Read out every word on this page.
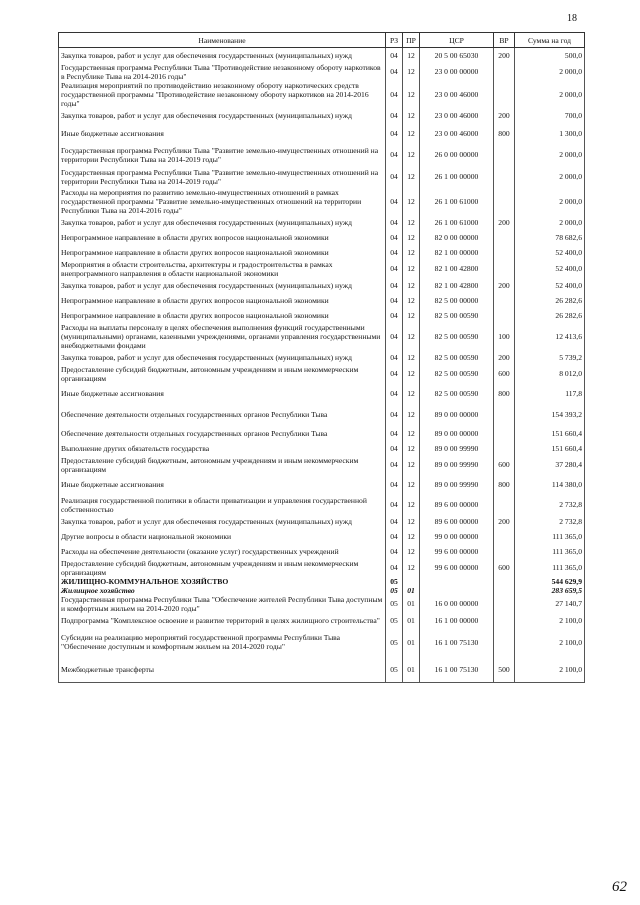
18
Наименование	РЗ	ПР	ЦСР	ВР	Сумма на год
Закупка товаров, работ и услуг для обеспечения государственных (муниципальных) нужд	04	12	20 5 00 65030	200	500,0
Государственная программа Республики Тыва "Противодействие незаконному обороту наркотиков в Республике Тыва на 2014-2016 годы"	04	12	23 0 00 00000		2 000,0
Реализация мероприятий по противодействию незаконному обороту наркотических средств государственной программы "Противодействие незаконному обороту наркотиков на 2014-2016 годы"	04	12	23 0 00 46000		2 000,0
Закупка товаров, работ и услуг для обеспечения государственных (муниципальных) нужд	04	12	23 0 00 46000	200	700,0
Иные бюджетные ассигнования	04	12	23 0 00 46000	800	1 300,0
Государственная программа Республики Тыва "Развитие земельно-имущественных отношений на территории Республики Тыва на 2014-2019 годы"	04	12	26 0 00 00000		2 000,0
Государственная программа Республики Тыва "Развитие земельно-имущественных отношений на территории Республики Тыва на 2014-2019 годы"	04	12	26 1 00 00000		2 000,0
Расходы на мероприятия по развитию земельно-имущественных отношений в рамках государственной программы "Развитие земельно-имущественных отношений на территории Республики Тыва на 2014-2016 годы"	04	12	26 1 00 61000		2 000,0
Закупка товаров, работ и услуг для обеспечения государственных (муниципальных) нужд	04	12	26 1 00 61000	200	2 000,0
Непрограммное направление в области других вопросов национальной экономики	04	12	82 0 00 00000		78 682,6
Непрограммное направление в области других вопросов национальной экономики	04	12	82 1 00 00000		52 400,0
Мероприятия в области строительства, архитектуры и градостроительства в рамках внепрограммного направления в области национальной экономики	04	12	82 1 00 42800		52 400,0
Закупка товаров, работ и услуг для обеспечения государственных (муниципальных) нужд	04	12	82 1 00 42800	200	52 400,0
Непрограммное направление в области других вопросов национальной экономики	04	12	82 5 00 00000		26 282,6
Непрограммное направление в области других вопросов национальной экономики	04	12	82 5 00 00590		26 282,6
Расходы на выплаты персоналу в целях обеспечения выполнения функций государственными (муниципальными) органами, казенными учреждениями, органами управления государственными внебюджетными фондами	04	12	82 5 00 00590	100	12 413,6
Закупка товаров, работ и услуг для обеспечения государственных (муниципальных) нужд	04	12	82 5 00 00590	200	5 739,2
Предоставление субсидий бюджетным, автономным учреждениям и иным некоммерческим организациям	04	12	82 5 00 00590	600	8 012,0
Иные бюджетные ассигнования	04	12	82 5 00 00590	800	117,8
Обеспечение деятельности отдельных государственных органов Республики Тыва	04	12	89 0 00 00000		154 393,2
Обеспечение деятельности отдельных государственных органов Республики Тыва	04	12	89 0 00 00000		151 660,4
Выполнение других обязательств государства	04	12	89 0 00 99990		151 660,4
Предоставление субсидий бюджетным, автономным учреждениям и иным некоммерческим организациям	04	12	89 0 00 99990	600	37 280,4
Иные бюджетные ассигнования	04	12	89 0 00 99990	800	114 380,0
Реализация государственной политики в области приватизации и управления государственной собственностью	04	12	89 6 00 00000		2 732,8
Закупка товаров, работ и услуг для обеспечения государственных (муниципальных) нужд	04	12	89 6 00 00000	200	2 732,8
Другие вопросы в области национальной экономики	04	12	99 0 00 00000		111 365,0
Расходы на обеспечение деятельности (оказание услуг) государственных учреждений	04	12	99 6 00 00000		111 365,0
Предоставление субсидий бюджетным, автономным учреждениям и иным некоммерческим организациям	04	12	99 6 00 00000	600	111 365,0
ЖИЛИЩНО-КОММУНАЛЬНОЕ ХОЗЯЙСТВО	05				544 629,9
Жилищное хозяйство	05	01			283 659,5
Государственная программа Республики Тыва "Обеспечение жителей Республики Тыва доступным и комфортным жильем на 2014-2020 годы"	05	01	16 0 00 00000		27 140,7
Подпрограмма "Комплексное освоение и развитие территорий в целях жилищного строительства"	05	01	16 1 00 00000		2 100,0
Субсидии на реализацию мероприятий государственной программы Республики Тыва "Обеспечение доступным и комфортным жильем на 2014-2020 годы"	05	01	16 1 00 75130		2 100,0
Межбюджетные трансферты	05	01	16 1 00 75130	500	2 100,0
62
